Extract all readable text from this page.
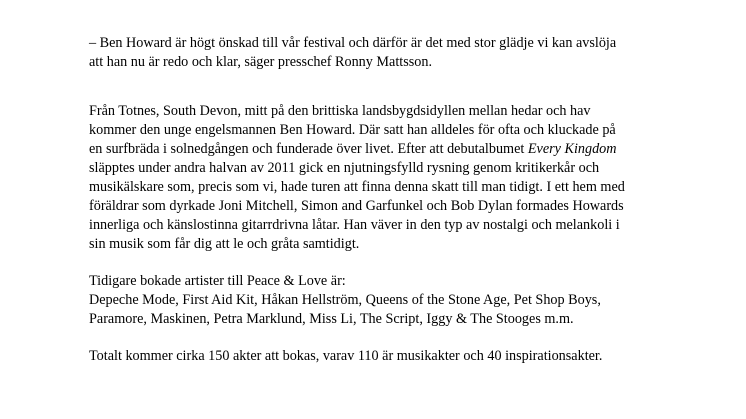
– Ben Howard är högt önskad till vår festival och därför är det med stor glädje vi kan avslöja
att han nu är redo och klar, säger presschef Ronny Mattsson.

Från Totnes, South Devon, mitt på den brittiska landsbygdsidyllen mellan hedar och hav
kommer den unge engelsmannen Ben Howard. Där satt han alldeles för ofta och kluckade på
en surfbräda i solnedgången och funderade över livet. Efter att debutalbumet Every Kingdom
släpptes under andra halvan av 2011 gick en njutningsfylld rysning genom kritikerkår och
musikälskare som, precis som vi, hade turen att finna denna skatt till man tidigt. I ett hem med
föräldrar som dyrkade Joni Mitchell, Simon and Garfunkel och Bob Dylan formades Howards
innerliga och känslostinna gitarrdrivna låtar. Han väver in den typ av nostalgi och melankoli i
sin musik som får dig att le och gråta samtidigt.

Tidigare bokade artister till Peace & Love är:
Depeche Mode, First Aid Kit, Håkan Hellström, Queens of the Stone Age, Pet Shop Boys,
Paramore, Maskinen, Petra Marklund, Miss Li, The Script, Iggy & The Stooges m.m.

Totalt kommer cirka 150 akter att bokas, varav 110 är musikakter och 40 inspirationsakter.
